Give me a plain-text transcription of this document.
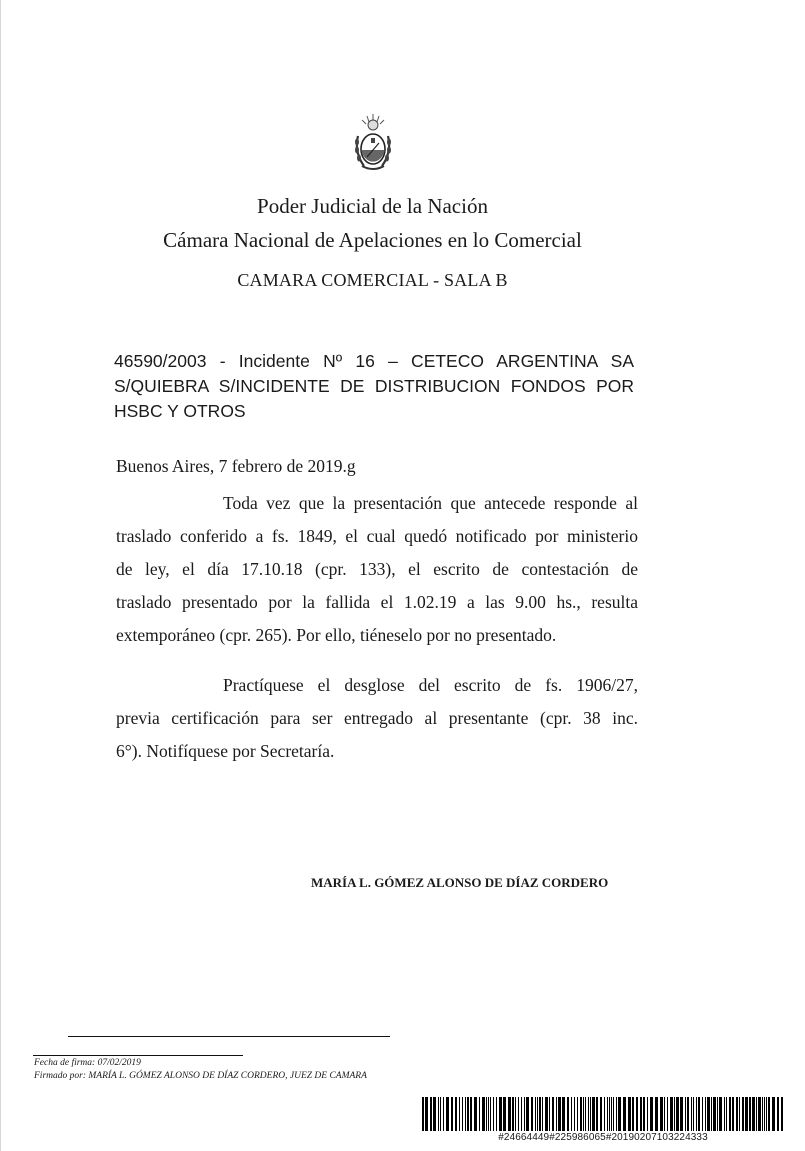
Poder Judicial de la Nación
Cámara Nacional de Apelaciones en lo Comercial
CAMARA COMERCIAL - SALA B
46590/2003 - Incidente Nº 16 – CETECO ARGENTINA SA
S/QUIEBRA S/INCIDENTE DE DISTRIBUCION FONDOS POR
HSBC Y OTROS
Buenos Aires, 7 febrero de 2019.g
Toda vez que la presentación que antecede responde al
traslado conferido a fs. 1849, el cual quedó notificado por ministerio
de ley, el día 17.10.18 (cpr. 133), el escrito de contestación de
traslado presentado por la fallida el 1.02.19 a las 9.00 hs., resulta
extemporáneo (cpr. 265). Por ello, tiéneselo por no presentado.
Practíquese el desglose del escrito de fs. 1906/27,
previa certificación para ser entregado al presentante (cpr. 38 inc.
6°). Notifíquese por Secretaría.
MARÍA L. GÓMEZ ALONSO DE DÍAZ CORDERO
Fecha de firma: 07/02/2019
Firmado por: MARÍA L. GÓMEZ ALONSO DE DÍAZ CORDERO, JUEZ DE CAMARA
#24664449#225986065#20190207103224333
